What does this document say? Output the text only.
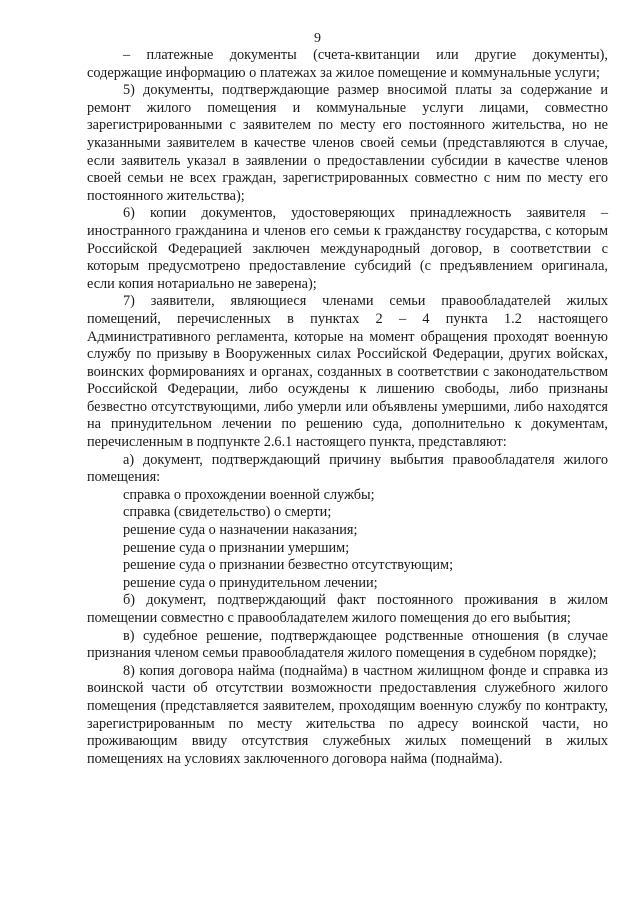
9

– платежные документы (счета-квитанции или другие документы), содержащие информацию о платежах за жилое помещение и коммунальные услуги;

5) документы, подтверждающие размер вносимой платы за содержание и ремонт жилого помещения и коммунальные услуги лицами, совместно зарегистрированными с заявителем по месту его постоянного жительства, но не указанными заявителем в качестве членов своей семьи (представляются в случае, если заявитель указал в заявлении о предоставлении субсидии в качестве членов своей семьи не всех граждан, зарегистрированных совместно с ним по месту его постоянного жительства);

6) копии документов, удостоверяющих принадлежность заявителя – иностранного гражданина и членов его семьи к гражданству государства, с которым Российской Федерацией заключен международный договор, в соответствии с которым предусмотрено предоставление субсидий (с предъявлением оригинала, если копия нотариально не заверена);

7) заявители, являющиеся членами семьи правообладателей жилых помещений, перечисленных в пунктах 2 – 4 пункта 1.2 настоящего Административного регламента, которые на момент обращения проходят военную службу по призыву в Вооруженных силах Российской Федерации, других войсках, воинских формированиях и органах, созданных в соответствии с законодательством Российской Федерации, либо осуждены к лишению свободы, либо признаны безвестно отсутствующими, либо умерли или объявлены умершими, либо находятся на принудительном лечении по решению суда, дополнительно к документам, перечисленным в подпункте 2.6.1 настоящего пункта, представляют:

а) документ, подтверждающий причину выбытия правообладателя жилого помещения:

справка о прохождении военной службы;

справка (свидетельство) о смерти;

решение суда о назначении наказания;

решение суда о признании умершим;

решение суда о признании безвестно отсутствующим;

решение суда о принудительном лечении;

б) документ, подтверждающий факт постоянного проживания в жилом помещении совместно с правообладателем жилого помещения до его выбытия;

в) судебное решение, подтверждающее родственные отношения (в случае признания членом семьи правообладателя жилого помещения в судебном порядке);

8) копия договора найма (поднайма) в частном жилищном фонде и справка из воинской части об отсутствии возможности предоставления служебного жилого помещения (представляется заявителем, проходящим военную службу по контракту, зарегистрированным по месту жительства по адресу воинской части, но проживающим ввиду отсутствия служебных жилых помещений в жилых помещениях на условиях заключенного договора найма (поднайма).
